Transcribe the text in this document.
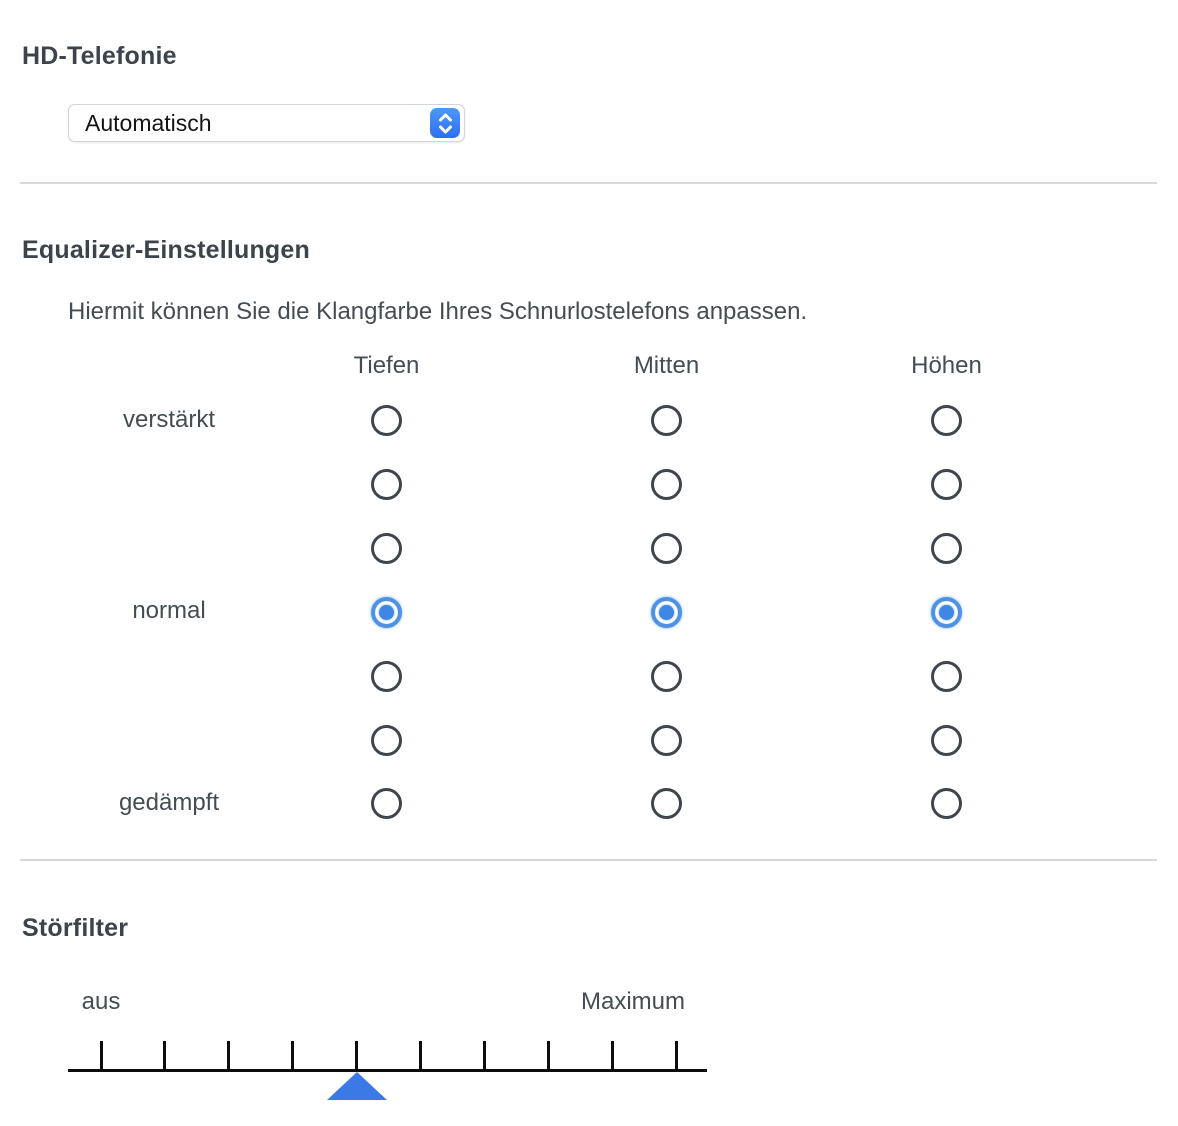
HD-Telefonie
Automatisch
Equalizer-Einstellungen
Hiermit können Sie die Klangfarbe Ihres Schnurlostelefons anpassen.
Störfilter
aus	Maximum
Tiefen	Mitten	Höhen
verstärkt
normal
gedämpft
